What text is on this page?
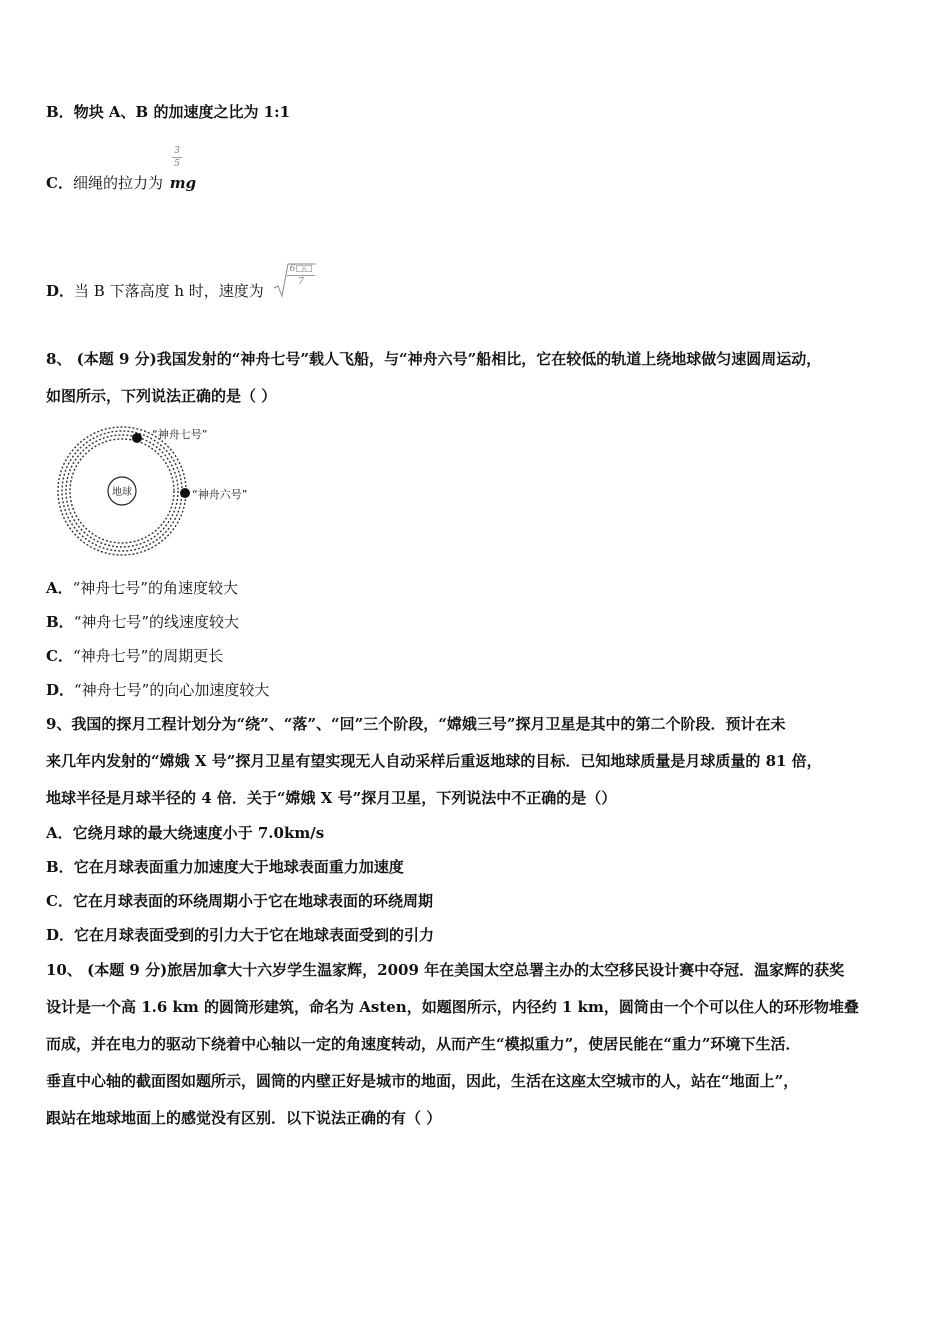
B．物块 A、B 的加速度之比为 1:1
C．细绳的拉力为 mg
3
5
D．当 B 下落高度 h 时，速度为
6□□
7
8、 (本题 9 分)我国发射的“神舟七号”载人飞船，与“神舟六号”船相比，它在较低的轨道上绕地球做匀速圆周运动，
如图所示，下列说法正确的是（ ）
地球
“神舟七号”
“神舟六号”
A．“神舟七号”的角速度较大
B．“神舟七号”的线速度较大
C．“神舟七号”的周期更长
D．“神舟七号”的向心加速度较大
9、我国的探月工程计划分为“绕”、“落”、“回”三个阶段，“嫦娥三号”探月卫星是其中的第二个阶段．预计在未
来几年内发射的“嫦娥 X 号”探月卫星有望实现无人自动采样后重返地球的目标．已知地球质量是月球质量的 81 倍，
地球半径是月球半径的 4 倍．关于“嫦娥 X 号”探月卫星，下列说法中不正确的是（）
A．它绕月球的最大绕速度小于 7.0km/s
B．它在月球表面重力加速度大于地球表面重力加速度
C．它在月球表面的环绕周期小于它在地球表面的环绕周期
D．它在月球表面受到的引力大于它在地球表面受到的引力
10、 (本题 9 分)旅居加拿大十六岁学生温家辉，2009 年在美国太空总署主办的太空移民设计赛中夺冠．温家辉的获奖
设计是一个高 1.6 km 的圆筒形建筑，命名为 Asten，如题图所示，内径约 1 km，圆筒由一个个可以住人的环形物堆叠
而成，并在电力的驱动下绕着中心轴以一定的角速度转动，从而产生“模拟重力”，使居民能在“重力”环境下生活．
垂直中心轴的截面图如题所示，圆筒的内壁正好是城市的地面，因此，生活在这座太空城市的人，站在“地面上”，
跟站在地球地面上的感觉没有区别．以下说法正确的有（ ）
